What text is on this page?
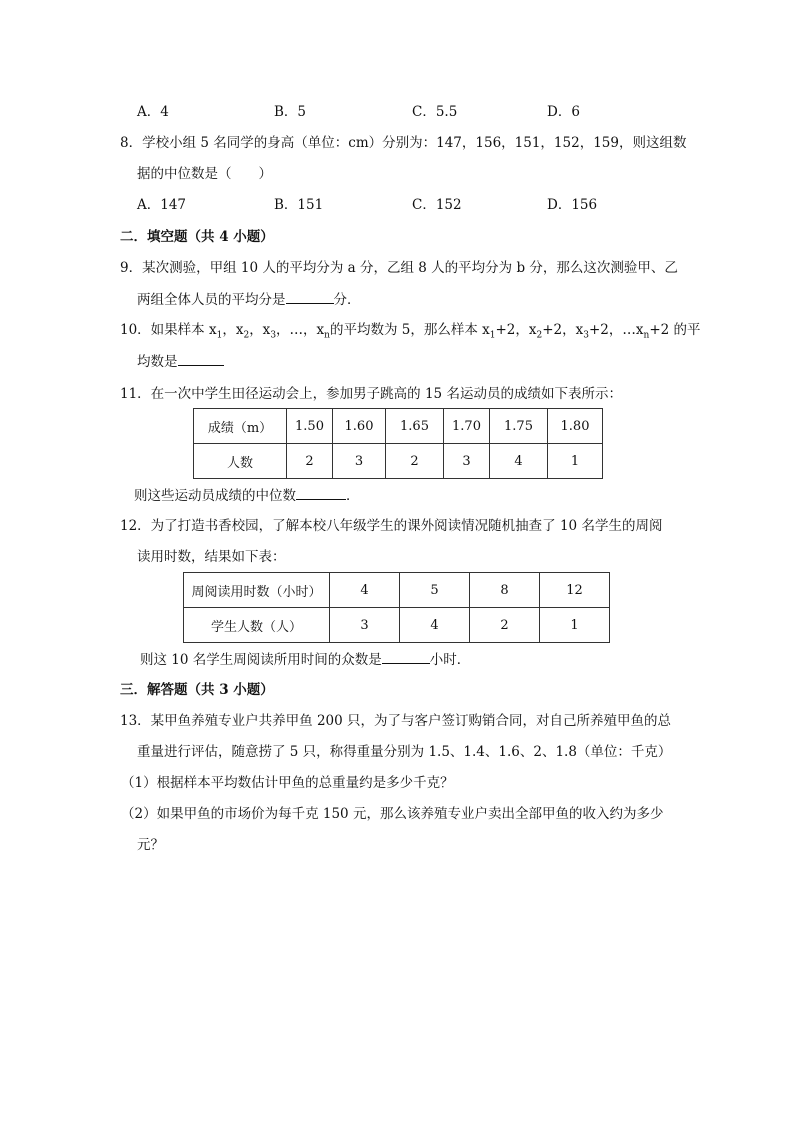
A．4	B．5	C．5.5	D．6
8．学校小组 5 名同学的身高（单位：cm）分别为：147，156，151，152，159，则这组数
据的中位数是（　　）
A．147	B．151	C．152	D．156
二．填空题（共 4 小题）
9．某次测验，甲组 10 人的平均分为 a 分，乙组 8 人的平均分为 b 分，那么这次测验甲、乙
两组全体人员的平均分是	分．
10．如果样本 $x_1$，$x_2$，$x_3$，…，$x_n$的平均数为 5，那么样本 $x_1+2$，$x_2+2$，$x_3+2$，$\dots x_n+2$ 的平
均数是
11．在一次中学生田径运动会上，参加男子跳高的 15 名运动员的成绩如下表所示：
成绩（m）	1.50	1.60	1.65	1.70	1.75	1.80
人数	2	3	2	3	4	1
则这些运动员成绩的中位数	．
12．为了打造书香校园，了解本校八年级学生的课外阅读情况随机抽查了 10 名学生的周阅
读用时数，结果如下表：
周阅读用时数（小时）	4	5	8	12
学生人数（人）	3	4	2	1
则这 10 名学生周阅读所用时间的众数是	小时．
三．解答题（共 3 小题）
13．某甲鱼养殖专业户共养甲鱼 200 只，为了与客户签订购销合同，对自己所养殖甲鱼的总
重量进行评估，随意捞了 5 只，称得重量分别为 1.5、1.4、1.6、2、1.8（单位：千克）
（1）根据样本平均数估计甲鱼的总重量约是多少千克？
（2）如果甲鱼的市场价为每千克 150 元，那么该养殖专业户卖出全部甲鱼的收入约为多少
元？
